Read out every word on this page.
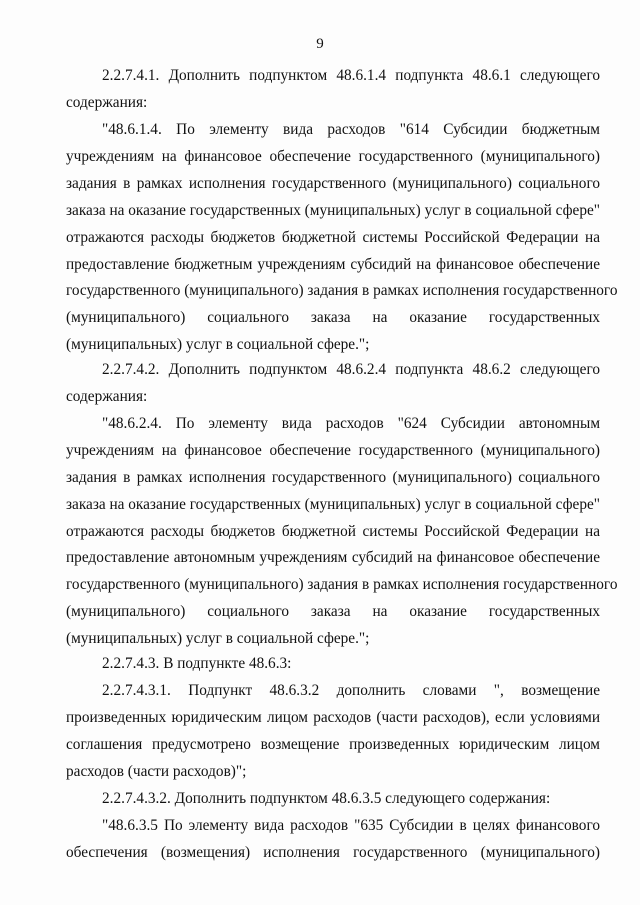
9
2.2.7.4.1. Дополнить подпунктом 48.6.1.4 подпункта 48.6.1 следующего
содержания:
"48.6.1.4. По элементу вида расходов "614 Субсидии бюджетным
учреждениям на финансовое обеспечение государственного (муниципального)
задания в рамках исполнения государственного (муниципального) социального
заказа на оказание государственных (муниципальных) услуг в социальной сфере"
отражаются расходы бюджетов бюджетной системы Российской Федерации на
предоставление бюджетным учреждениям субсидий на финансовое обеспечение
государственного (муниципального) задания в рамках исполнения государственного
(муниципального) социального заказа на оказание государственных
(муниципальных) услуг в социальной сфере.";
2.2.7.4.2. Дополнить подпунктом 48.6.2.4 подпункта 48.6.2 следующего
содержания:
"48.6.2.4. По элементу вида расходов "624 Субсидии автономным
учреждениям на финансовое обеспечение государственного (муниципального)
задания в рамках исполнения государственного (муниципального) социального
заказа на оказание государственных (муниципальных) услуг в социальной сфере"
отражаются расходы бюджетов бюджетной системы Российской Федерации на
предоставление автономным учреждениям субсидий на финансовое обеспечение
государственного (муниципального) задания в рамках исполнения государственного
(муниципального) социального заказа на оказание государственных
(муниципальных) услуг в социальной сфере.";
2.2.7.4.3. В подпункте 48.6.3:
2.2.7.4.3.1. Подпункт 48.6.3.2 дополнить словами ", возмещение
произведенных юридическим лицом расходов (части расходов), если условиями
соглашения предусмотрено возмещение произведенных юридическим лицом
расходов (части расходов)";
2.2.7.4.3.2. Дополнить подпунктом 48.6.3.5 следующего содержания:
"48.6.3.5 По элементу вида расходов "635 Субсидии в целях финансового
обеспечения (возмещения) исполнения государственного (муниципального)
